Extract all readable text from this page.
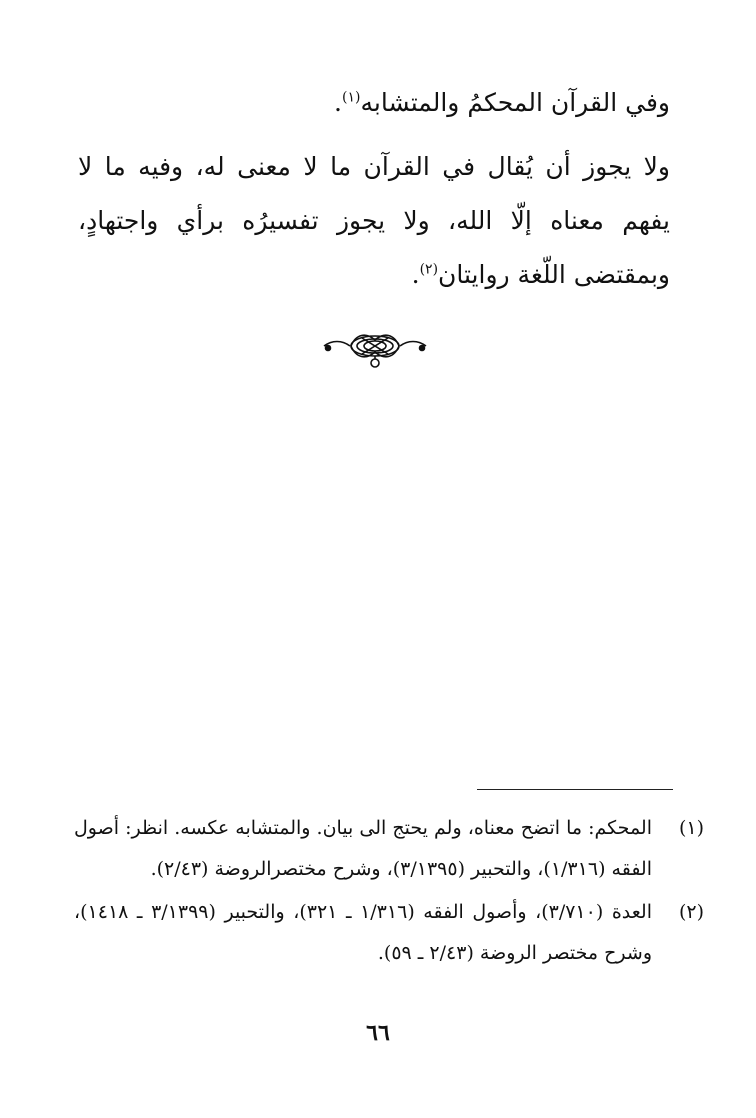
وفي القرآن المحكمُ والمتشابه$^{(١)}$.

ولا يجوز أن يُقال في القرآن ما لا معنى له، وفيه ما لا يفهم معناه إلّا الله، ولا يجوز تفسيرُه برأي واجتهادٍ، وبمقتضى اللّغة روايتان$^{(٢)}$.

(١)
المحكم: ما اتضح معناه، ولم يحتج الى بيان. والمتشابه عكسه. انظر: أصول الفقه (١/٣١٦)، والتحبير (٣/١٣٩٥)، وشرح مختصرالروضة (٢/٤٣).
(٢)
العدة (٣/٧١٠)، وأصول الفقه (١/٣١٦ ـ ٣٢١)، والتحبير (٣/١٣٩٩ ـ ١٤١٨)، وشرح مختصر الروضة (٢/٤٣ ـ ٥٩).
٦٦
